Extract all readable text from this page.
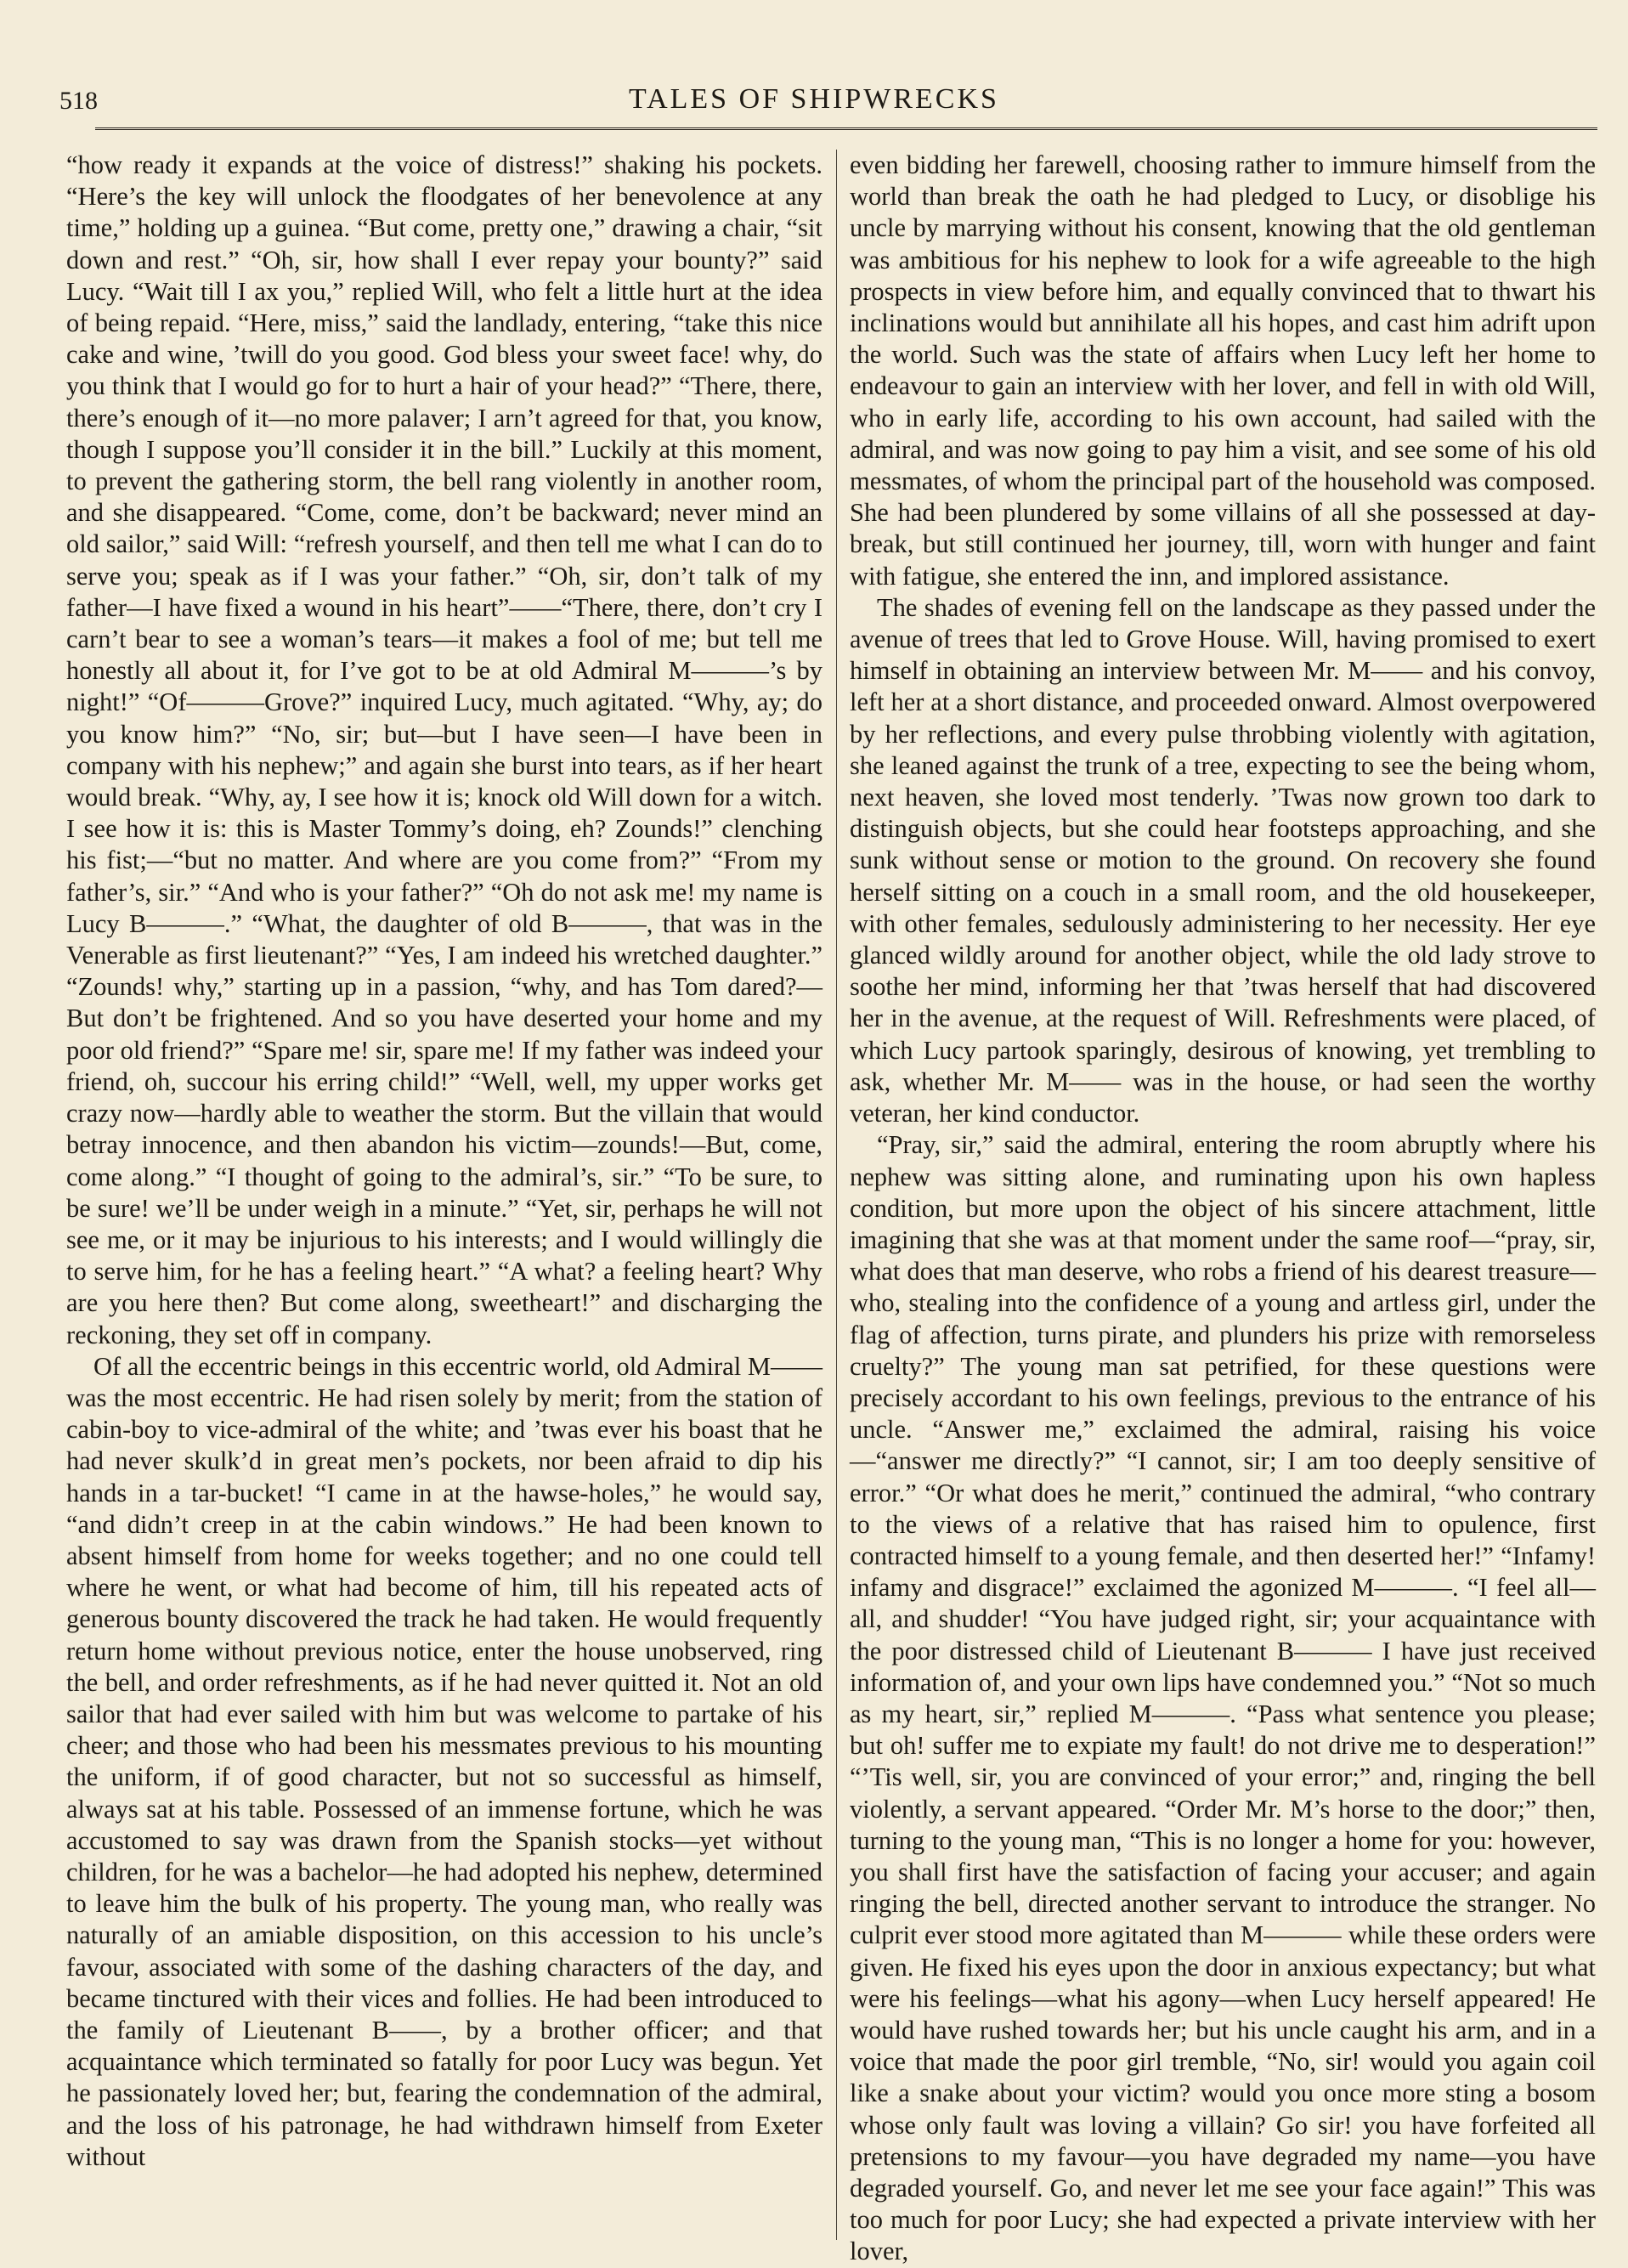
518	TALES OF SHIPWRECKS

“how ready it expands at the voice of distress!” shaking his pockets. “Here’s the key will unlock the floodgates of her benevolence at any time,” holding up a guinea. “But come, pretty one,” drawing a chair, “sit down and rest.” “Oh, sir, how shall I ever repay your bounty?” said Lucy. “Wait till I ax you,” replied Will, who felt a little hurt at the idea of being repaid. “Here, miss,” said the landlady, entering, “take this nice cake and wine, ’twill do you good. God bless your sweet face! why, do you think that I would go for to hurt a hair of your head?” “There, there, there’s enough of it—no more palaver; I arn’t agreed for that, you know, though I suppose you’ll consider it in the bill.” Luckily at this moment, to prevent the gathering storm, the bell rang violently in another room, and she disappeared. “Come, come, don’t be backward; never mind an old sailor,” said Will: “refresh yourself, and then tell me what I can do to serve you; speak as if I was your father.” “Oh, sir, don’t talk of my father—I have fixed a wound in his heart”——“There, there, don’t cry I carn’t bear to see a woman’s tears—it makes a fool of me; but tell me honestly all about it, for I’ve got to be at old Admiral M———’s by night!” “Of———Grove?” inquired Lucy, much agitated. “Why, ay; do you know him?” “No, sir; but—but I have seen—I have been in company with his nephew;” and again she burst into tears, as if her heart would break. “Why, ay, I see how it is; knock old Will down for a witch. I see how it is: this is Master Tommy’s doing, eh? Zounds!” clenching his fist;—“but no matter. And where are you come from?” “From my father’s, sir.” “And who is your father?” “Oh do not ask me! my name is Lucy B———.” “What, the daughter of old B———, that was in the Venerable as first lieutenant?” “Yes, I am indeed his wretched daughter.” “Zounds! why,” starting up in a passion, “why, and has Tom dared?—But don’t be frightened. And so you have deserted your home and my poor old friend?” “Spare me! sir, spare me! If my father was indeed your friend, oh, succour his erring child!” “Well, well, my upper works get crazy now—hardly able to weather the storm. But the villain that would betray innocence, and then abandon his victim—zounds!—But, come, come along.” “I thought of going to the admiral’s, sir.” “To be sure, to be sure! we’ll be under weigh in a minute.” “Yet, sir, perhaps he will not see me, or it may be injurious to his interests; and I would willingly die to serve him, for he has a feeling heart.” “A what? a feeling heart? Why are you here then? But come along, sweetheart!” and discharging the reckoning, they set off in company.

Of all the eccentric beings in this eccentric world, old Admiral M—— was the most eccentric. He had risen solely by merit; from the station of cabin-boy to vice-admiral of the white; and ’twas ever his boast that he had never skulk’d in great men’s pockets, nor been afraid to dip his hands in a tar-bucket! “I came in at the hawse-holes,” he would say, “and didn’t creep in at the cabin windows.” He had been known to absent himself from home for weeks together; and no one could tell where he went, or what had become of him, till his repeated acts of generous bounty discovered the track he had taken. He would frequently return home without previous notice, enter the house unobserved, ring the bell, and order refreshments, as if he had never quitted it. Not an old sailor that had ever sailed with him but was welcome to partake of his cheer; and those who had been his messmates previous to his mounting the uniform, if of good character, but not so successful as himself, always sat at his table. Possessed of an immense fortune, which he was accustomed to say was drawn from the Spanish stocks—yet without children, for he was a bachelor—he had adopted his nephew, determined to leave him the bulk of his property. The young man, who really was naturally of an amiable disposition, on this accession to his uncle’s favour, associated with some of the dashing characters of the day, and became tinctured with their vices and follies. He had been introduced to the family of Lieutenant B——, by a brother officer; and that acquaintance which terminated so fatally for poor Lucy was begun. Yet he passionately loved her; but, fearing the condemnation of the admiral, and the loss of his patronage, he had withdrawn himself from Exeter without

even bidding her farewell, choosing rather to immure himself from the world than break the oath he had pledged to Lucy, or disoblige his uncle by marrying without his consent, knowing that the old gentleman was ambitious for his nephew to look for a wife agreeable to the high prospects in view before him, and equally convinced that to thwart his inclinations would but annihilate all his hopes, and cast him adrift upon the world. Such was the state of affairs when Lucy left her home to endeavour to gain an interview with her lover, and fell in with old Will, who in early life, according to his own account, had sailed with the admiral, and was now going to pay him a visit, and see some of his old messmates, of whom the principal part of the household was composed. She had been plundered by some villains of all she possessed at day-break, but still continued her journey, till, worn with hunger and faint with fatigue, she entered the inn, and implored assistance.

The shades of evening fell on the landscape as they passed under the avenue of trees that led to Grove House. Will, having promised to exert himself in obtaining an interview between Mr. M—— and his convoy, left her at a short distance, and proceeded onward. Almost overpowered by her reflections, and every pulse throbbing violently with agitation, she leaned against the trunk of a tree, expecting to see the being whom, next heaven, she loved most tenderly. ’Twas now grown too dark to distinguish objects, but she could hear footsteps approaching, and she sunk without sense or motion to the ground. On recovery she found herself sitting on a couch in a small room, and the old housekeeper, with other females, sedulously administering to her necessity. Her eye glanced wildly around for another object, while the old lady strove to soothe her mind, informing her that ’twas herself that had discovered her in the avenue, at the request of Will. Refreshments were placed, of which Lucy partook sparingly, desirous of knowing, yet trembling to ask, whether Mr. M—— was in the house, or had seen the worthy veteran, her kind conductor.

“Pray, sir,” said the admiral, entering the room abruptly where his nephew was sitting alone, and ruminating upon his own hapless condition, but more upon the object of his sincere attachment, little imagining that she was at that moment under the same roof—“pray, sir, what does that man deserve, who robs a friend of his dearest treasure—who, stealing into the confidence of a young and artless girl, under the flag of affection, turns pirate, and plunders his prize with remorseless cruelty?” The young man sat petrified, for these questions were precisely accordant to his own feelings, previous to the entrance of his uncle. “Answer me,” exclaimed the admiral, raising his voice—“answer me directly?” “I cannot, sir; I am too deeply sensitive of error.” “Or what does he merit,” continued the admiral, “who contrary to the views of a relative that has raised him to opulence, first contracted himself to a young female, and then deserted her!” “Infamy! infamy and disgrace!” exclaimed the agonized M———. “I feel all—all, and shudder! “You have judged right, sir; your acquaintance with the poor distressed child of Lieutenant B——— I have just received information of, and your own lips have condemned you.” “Not so much as my heart, sir,” replied M———. “Pass what sentence you please; but oh! suffer me to expiate my fault! do not drive me to desperation!” “’Tis well, sir, you are convinced of your error;” and, ringing the bell violently, a servant appeared. “Order Mr. M’s horse to the door;” then, turning to the young man, “This is no longer a home for you: however, you shall first have the satisfaction of facing your accuser; and again ringing the bell, directed another servant to introduce the stranger. No culprit ever stood more agitated than M——— while these orders were given. He fixed his eyes upon the door in anxious expectancy; but what were his feelings—what his agony—when Lucy herself appeared! He would have rushed towards her; but his uncle caught his arm, and in a voice that made the poor girl tremble, “No, sir! would you again coil like a snake about your victim? would you once more sting a bosom whose only fault was loving a villain? Go sir! you have forfeited all pretensions to my favour—you have degraded my name—you have degraded yourself. Go, and never let me see your face again!” This was too much for poor Lucy; she had expected a private interview with her lover,
